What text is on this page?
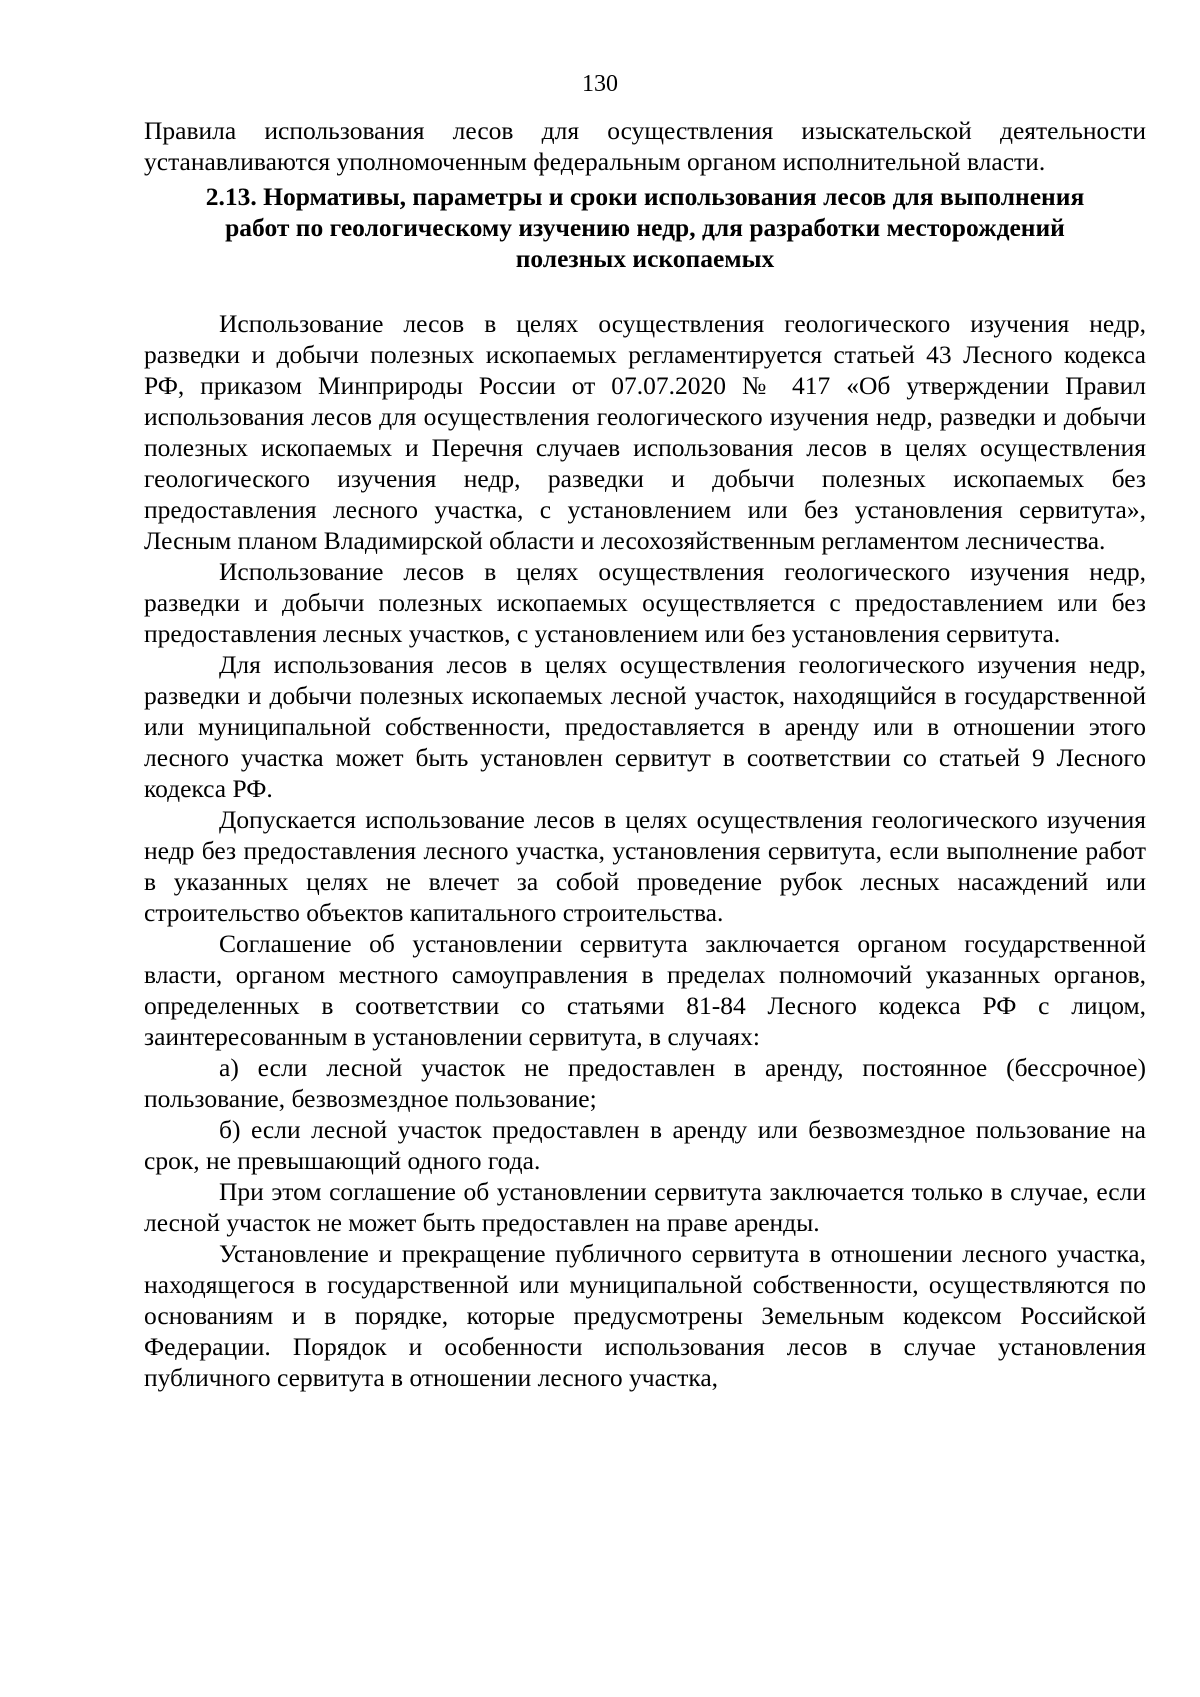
130

Правила использования лесов для осуществления изыскательской деятельности устанавливаются уполномоченным федеральным органом исполнительной власти.

2.13. Нормативы, параметры и сроки использования лесов для выполнения работ по геологическому изучению недр, для разработки месторождений полезных ископаемых

Использование лесов в целях осуществления геологического изучения недр, разведки и добычи полезных ископаемых регламентируется статьей 43 Лесного кодекса РФ, приказом Минприроды России от 07.07.2020 № 417 «Об утверждении Правил использования лесов для осуществления геологического изучения недр, разведки и добычи полезных ископаемых и Перечня случаев использования лесов в целях осуществления геологического изучения недр, разведки и добычи полезных ископаемых без предоставления лесного участка, с установлением или без установления сервитута», Лесным планом Владимирской области и лесохозяйственным регламентом лесничества.

Использование лесов в целях осуществления геологического изучения недр, разведки и добычи полезных ископаемых осуществляется с предоставлением или без предоставления лесных участков, с установлением или без установления сервитута.

Для использования лесов в целях осуществления геологического изучения недр, разведки и добычи полезных ископаемых лесной участок, находящийся в государственной или муниципальной собственности, предоставляется в аренду или в отношении этого лесного участка может быть установлен сервитут в соответствии со статьей 9 Лесного кодекса РФ.

Допускается использование лесов в целях осуществления геологического изучения недр без предоставления лесного участка, установления сервитута, если выполнение работ в указанных целях не влечет за собой проведение рубок лесных насаждений или строительство объектов капитального строительства.

Соглашение об установлении сервитута заключается органом государственной власти, органом местного самоуправления в пределах полномочий указанных органов, определенных в соответствии со статьями 81-84 Лесного кодекса РФ с лицом, заинтересованным в установлении сервитута, в случаях:

а) если лесной участок не предоставлен в аренду, постоянное (бессрочное) пользование, безвозмездное пользование;

б) если лесной участок предоставлен в аренду или безвозмездное пользование на срок, не превышающий одного года.

При этом соглашение об установлении сервитута заключается только в случае, если лесной участок не может быть предоставлен на праве аренды.

Установление и прекращение публичного сервитута в отношении лесного участка, находящегося в государственной или муниципальной собственности, осуществляются по основаниям и в порядке, которые предусмотрены Земельным кодексом Российской Федерации. Порядок и особенности использования лесов в случае установления публичного сервитута в отношении лесного участка,
